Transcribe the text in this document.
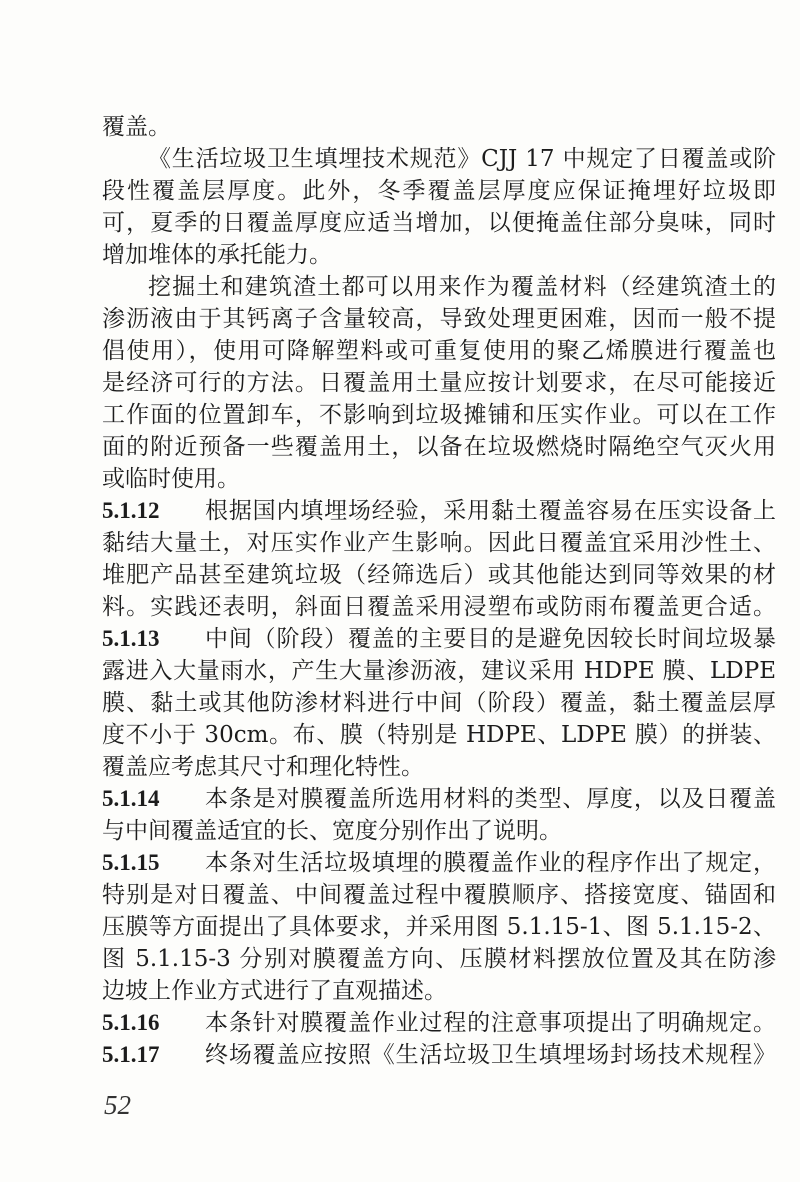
覆盖。
《生活垃圾卫生填埋技术规范》CJJ 17 中规定了日覆盖或阶
段性覆盖层厚度。此外，冬季覆盖层厚度应保证掩埋好垃圾即
可，夏季的日覆盖厚度应适当增加，以便掩盖住部分臭味，同时
增加堆体的承托能力。
挖掘土和建筑渣土都可以用来作为覆盖材料（经建筑渣土的
渗沥液由于其钙离子含量较高，导致处理更困难，因而一般不提
倡使用），使用可降解塑料或可重复使用的聚乙烯膜进行覆盖也
是经济可行的方法。日覆盖用土量应按计划要求，在尽可能接近
工作面的位置卸车，不影响到垃圾摊铺和压实作业。可以在工作
面的附近预备一些覆盖用土，以备在垃圾燃烧时隔绝空气灭火用
或临时使用。
5.1.12	根据国内填埋场经验，采用黏土覆盖容易在压实设备上
黏结大量土，对压实作业产生影响。因此日覆盖宜采用沙性土、
堆肥产品甚至建筑垃圾（经筛选后）或其他能达到同等效果的材
料。实践还表明，斜面日覆盖采用浸塑布或防雨布覆盖更合适。
5.1.13	中间（阶段）覆盖的主要目的是避免因较长时间垃圾暴
露进入大量雨水，产生大量渗沥液，建议采用 HDPE 膜、LDPE
膜、黏土或其他防渗材料进行中间（阶段）覆盖，黏土覆盖层厚
度不小于 30cm。布、膜（特别是 HDPE、LDPE 膜）的拼装、
覆盖应考虑其尺寸和理化特性。
5.1.14	本条是对膜覆盖所选用材料的类型、厚度，以及日覆盖
与中间覆盖适宜的长、宽度分别作出了说明。
5.1.15	本条对生活垃圾填埋的膜覆盖作业的程序作出了规定，
特别是对日覆盖、中间覆盖过程中覆膜顺序、搭接宽度、锚固和
压膜等方面提出了具体要求，并采用图 5.1.15-1、图 5.1.15-2、
图 5.1.15-3 分别对膜覆盖方向、压膜材料摆放位置及其在防渗
边坡上作业方式进行了直观描述。
5.1.16	本条针对膜覆盖作业过程的注意事项提出了明确规定。
5.1.17	终场覆盖应按照《生活垃圾卫生填埋场封场技术规程》
52
